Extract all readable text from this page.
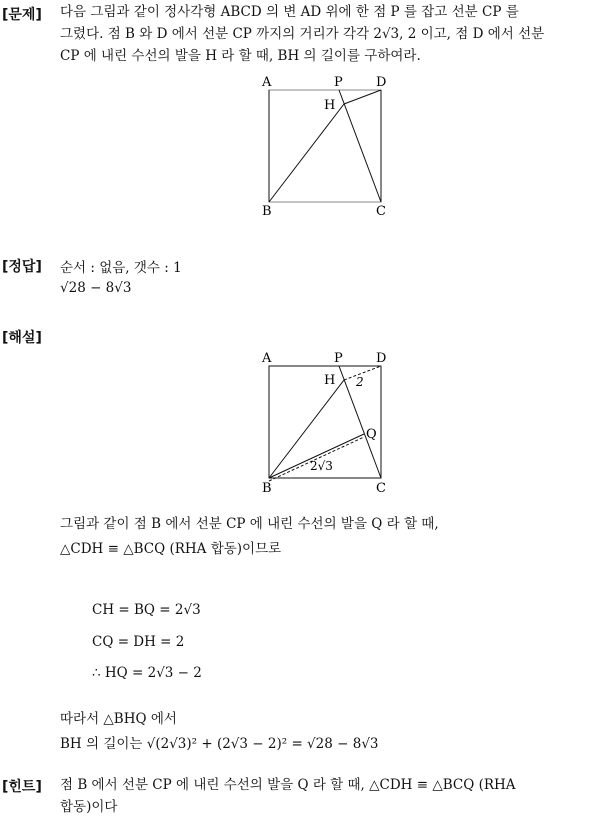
[문제] 다음 그림과 같이 정사각형 ABCD 의 변 AD 위에 한 점 P 를 잡고 선분 CP 를
그렸다. 점 B 와 D 에서 선분 CP 까지의 거리가 각각 2√3, 2 이고, 점 D 에서 선분
CP 에 내린 수선의 발을 H 라 할 때, BH 의 길이를 구하여라.
A	P	D
H
B	C
[정답] 순서 : 없음, 갯수 : 1
√28 − 8√3
[해설]
A	P	D
H 2
Q
2√3
B	C
그림과 같이 점 B 에서 선분 CP 에 내린 수선의 발을 Q 라 할 때,
△CDH ≡ △BCQ (RHA 합동)이므로
CH = BQ = 2√3
CQ = DH = 2
∴ HQ = 2√3 − 2
따라서 △BHQ 에서
BH 의 길이는 √(2√3)² + (2√3 − 2)² = √28 − 8√3
[힌트] 점 B 에서 선분 CP 에 내린 수선의 발을 Q 라 할 때, △CDH ≡ △BCQ (RHA
합동)이다
